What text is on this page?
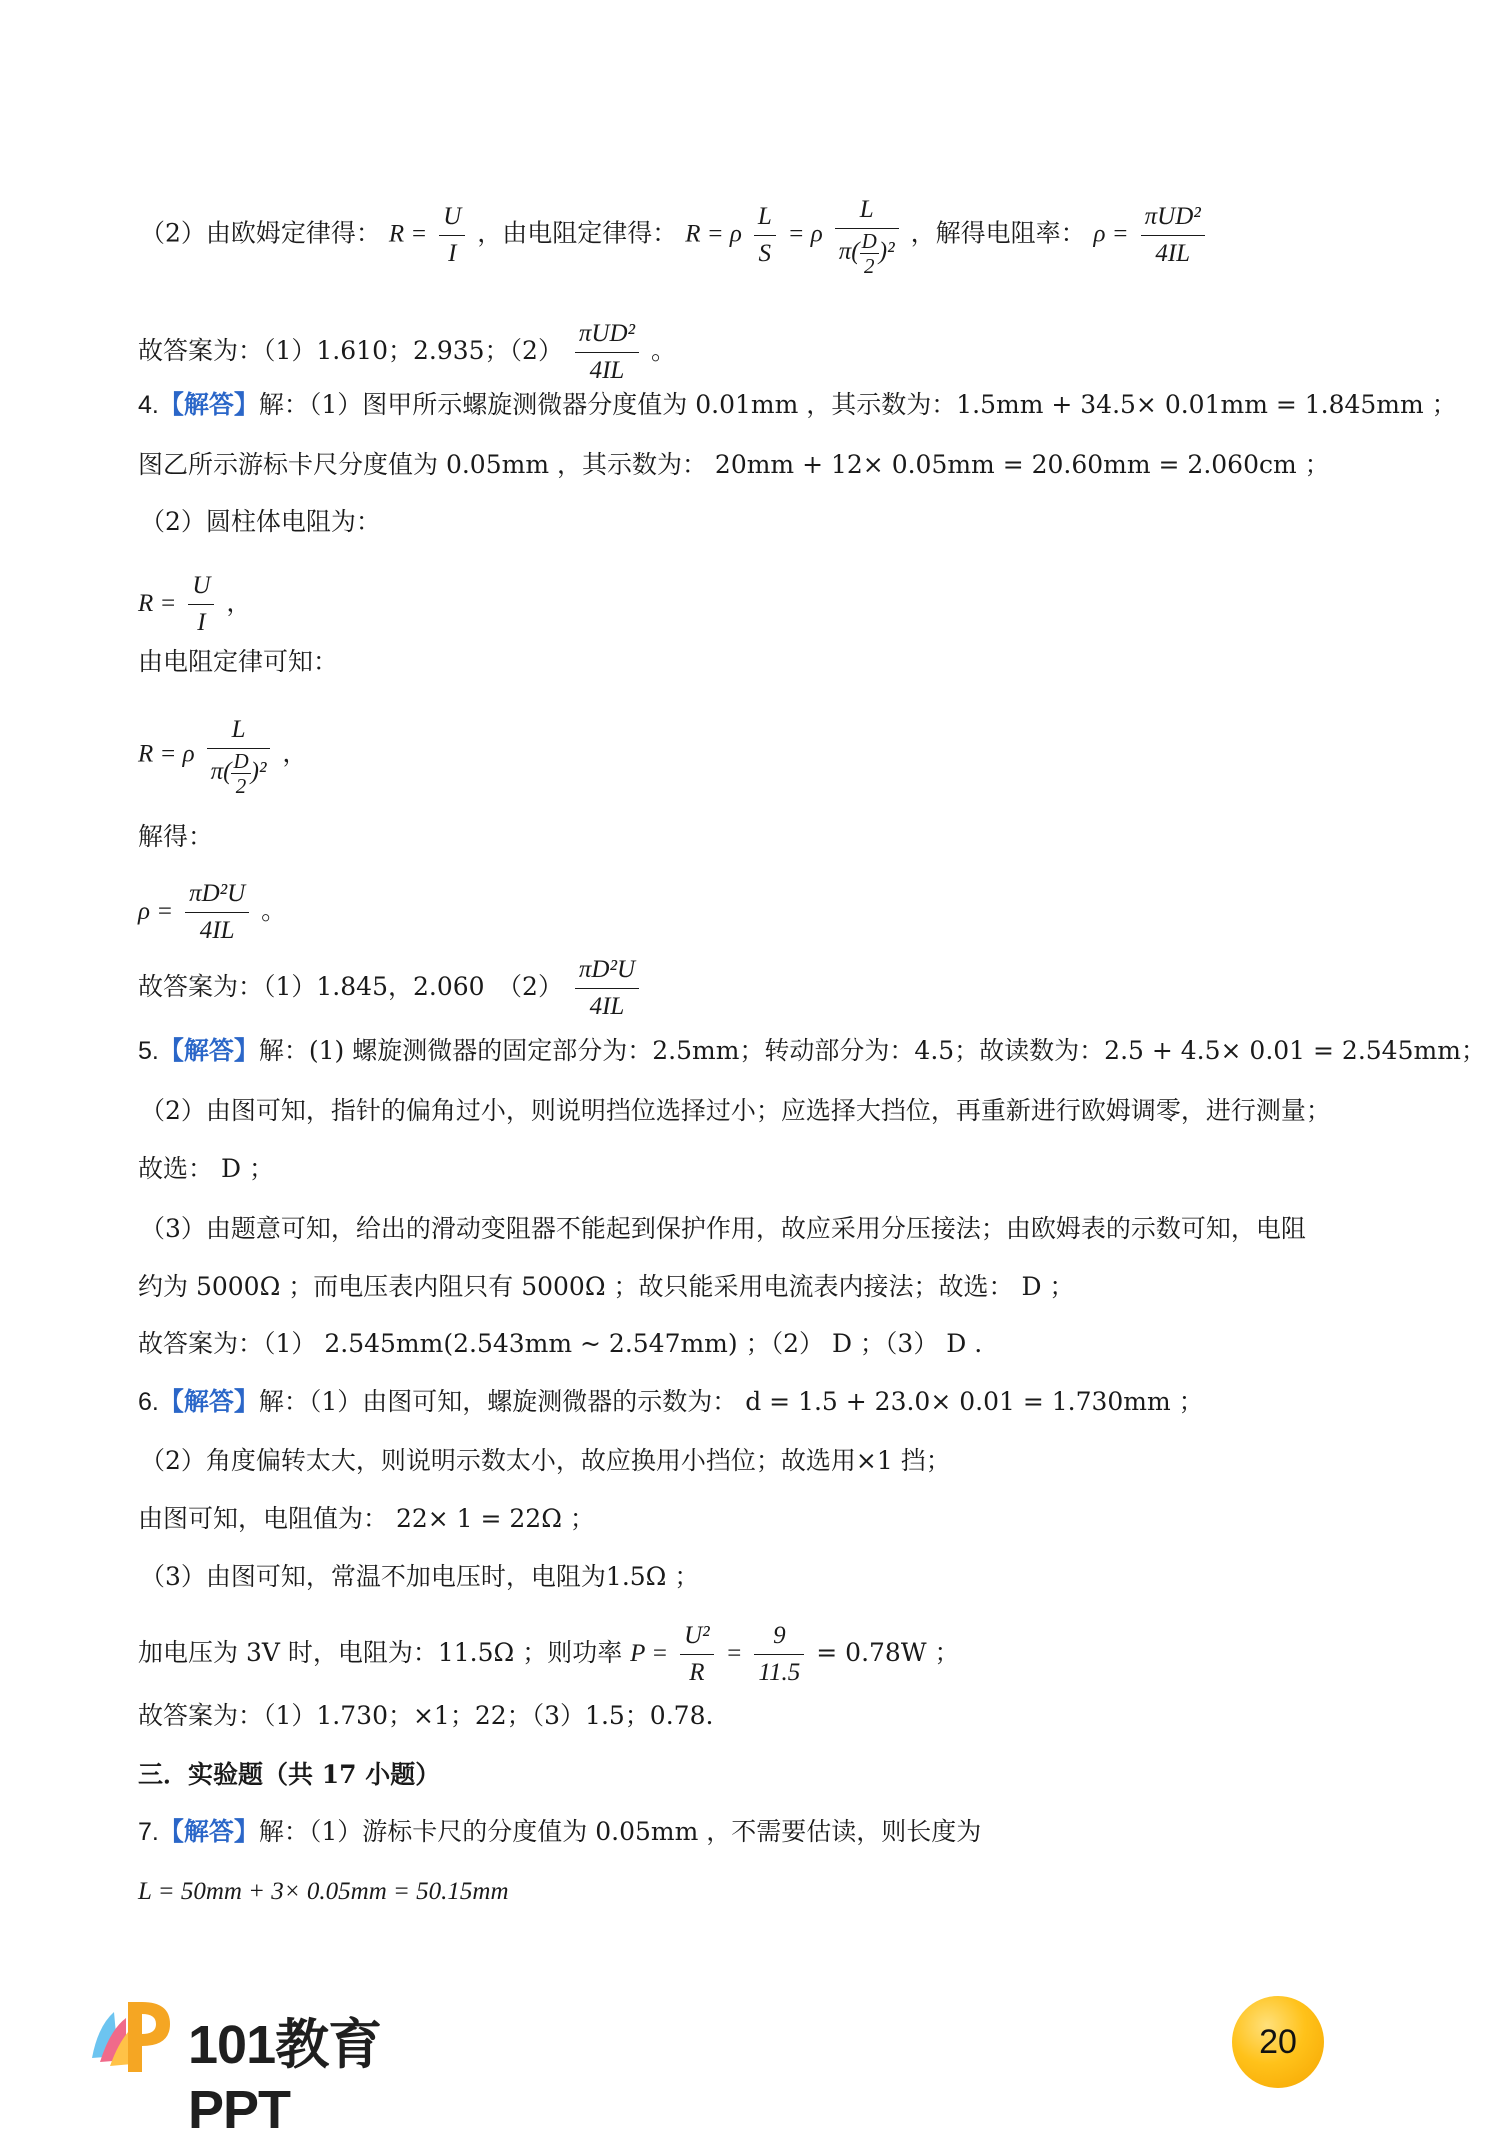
（2）由欧姆定律得： $R = \frac{U}{I}$ ，由电阻定律得： R = ρ $\frac{L}{S} = \rho \frac{L}{\pi( \frac{D}{2} )^2}$ ，解得电阻率： $\rho = \frac{\text{πUD²}}{4IL}$
故答案为：（1）1.610；2.935；$(2) \frac{\text{πUD²}}{4IL}$ 。
4.【解答】解：（1）图甲所示螺旋测微器分度值为 0.01mm ，其示数为：1.5mm + 34.5× 0.01mm = 1.845mm ；
图乙所示游标卡尺分度值为 0.05mm ，其示数为： 20mm + 12× 0.05mm = 20.60mm = 2.060cm ；
（2）圆柱体电阻为：
$R = \frac{U}{I}$ ，
由电阻定律可知：
R = ρ $\frac{L}{\pi( \frac{D}{2} )^2}$ ，
解得：
$\rho = \frac{\text{πD²U}}{4IL}$ 。
故答案为：（1）1.845，2.060　$(2) \frac{\text{πD²U}}{4IL}$
5.【解答】解：(1) 螺旋测微器的固定部分为：2.5mm；转动部分为：4.5；故读数为：2.5 + 4.5× 0.01 = 2.545mm；
（2）由图可知，指针的偏角过小，则说明挡位选择过小；应选择大挡位，再重新进行欧姆调零，进行测量；
故选： D ；
（3）由题意可知，给出的滑动变阻器不能起到保护作用，故应采用分压接法；由欧姆表的示数可知，电阻
约为 5000Ω ；而电压表内阻只有 5000Ω ；故只能采用电流表内接法；故选： D ；
故答案为：（1） 2.545mm(2.543mm ~ 2.547mm) ；（2） D ；（3） D .
6.【解答】解：（1）由图可知，螺旋测微器的示数为： d = 1.5 + 23.0× 0.01 = 1.730mm ；
（2）角度偏转太大，则说明示数太小，故应换用小挡位；故选用×1 挡；
由图可知，电阻值为： 22× 1 = 22Ω ；
（3）由图可知，常温不加电压时，电阻为1.5Ω ；
加电压为 3V 时，电阻为：11.5Ω ；则功率 $P = \frac{\text{U²}}{R} = \frac{9}{11.5} = 0.78W$ ；
故答案为：（1）1.730；×1；22；（3）1.5；0.78.
三．实验题（共 17 小题）
7.【解答】解：（1）游标卡尺的分度值为 0.05mm ，不需要估读，则长度为
L = 50mm + 3× 0.05mm = 50.15mm
101教育PPT
20
